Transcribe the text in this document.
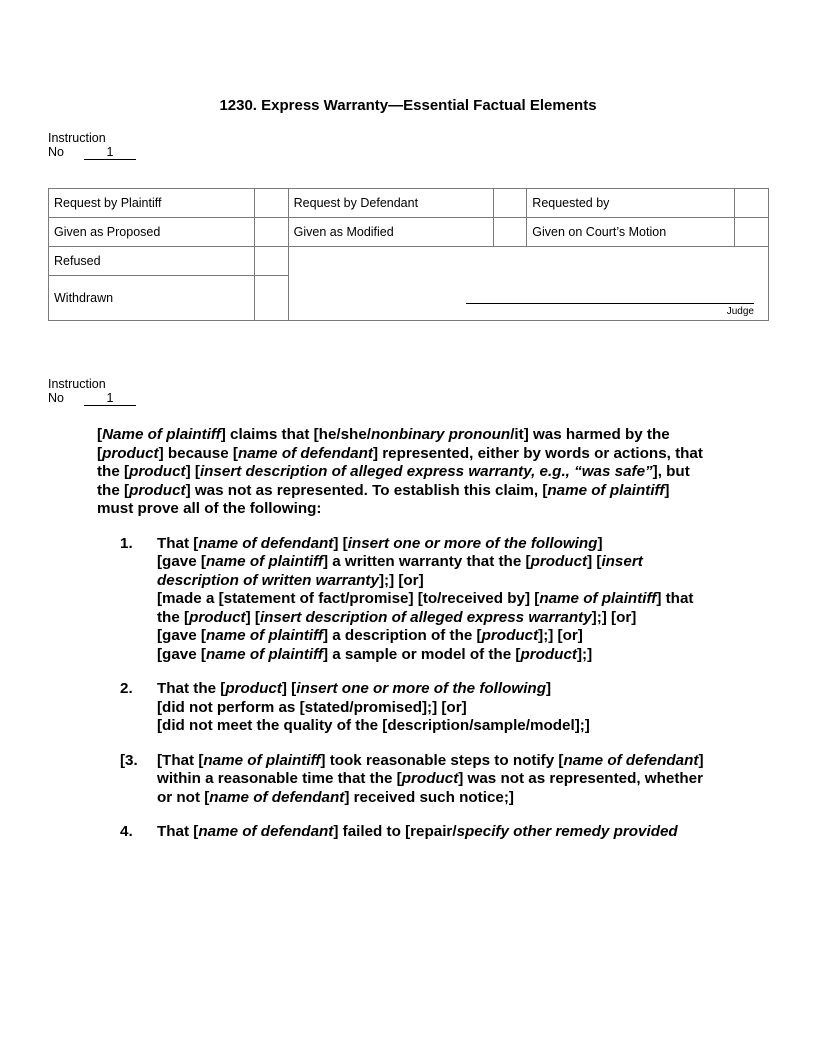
1230. Express Warranty—Essential Factual Elements
Instruction
No	1
Request by Plaintiff		Request by Defendant		Requested by	
Given as Proposed		Given as Modified		Given on Court’s Motion	
Refused		Judge			

Withdrawn					
Instruction
No	1

[Name of plaintiff] claims that [he/she/nonbinary pronoun/it] was harmed by the [product] because [name of defendant] represented, either by words or actions, that the [product] [insert description of alleged express warranty, e.g., “was safe”], but the [product] was not as represented. To establish this claim, [name of plaintiff] must prove all of the following:

1. That [name of defendant] [insert one or more of the following]

[gave [name of plaintiff] a written warranty that the [product] [insert description of written warranty];] [or]

[made a [statement of fact/promise] [to/received by] [name of plaintiff] that the [product] [insert description of alleged express warranty];] [or]

[gave [name of plaintiff] a description of the [product];] [or]

[gave [name of plaintiff] a sample or model of the [product];]

2. That the [product] [insert one or more of the following]

[did not perform as [stated/promised];] [or]

[did not meet the quality of the [description/sample/model];]

[3. [That [name of plaintiff] took reasonable steps to notify [name of defendant] within a reasonable time that the [product] was not as represented, whether or not [name of defendant] received such notice;]
4. That [name of defendant] failed to [repair/specify other remedy provided
